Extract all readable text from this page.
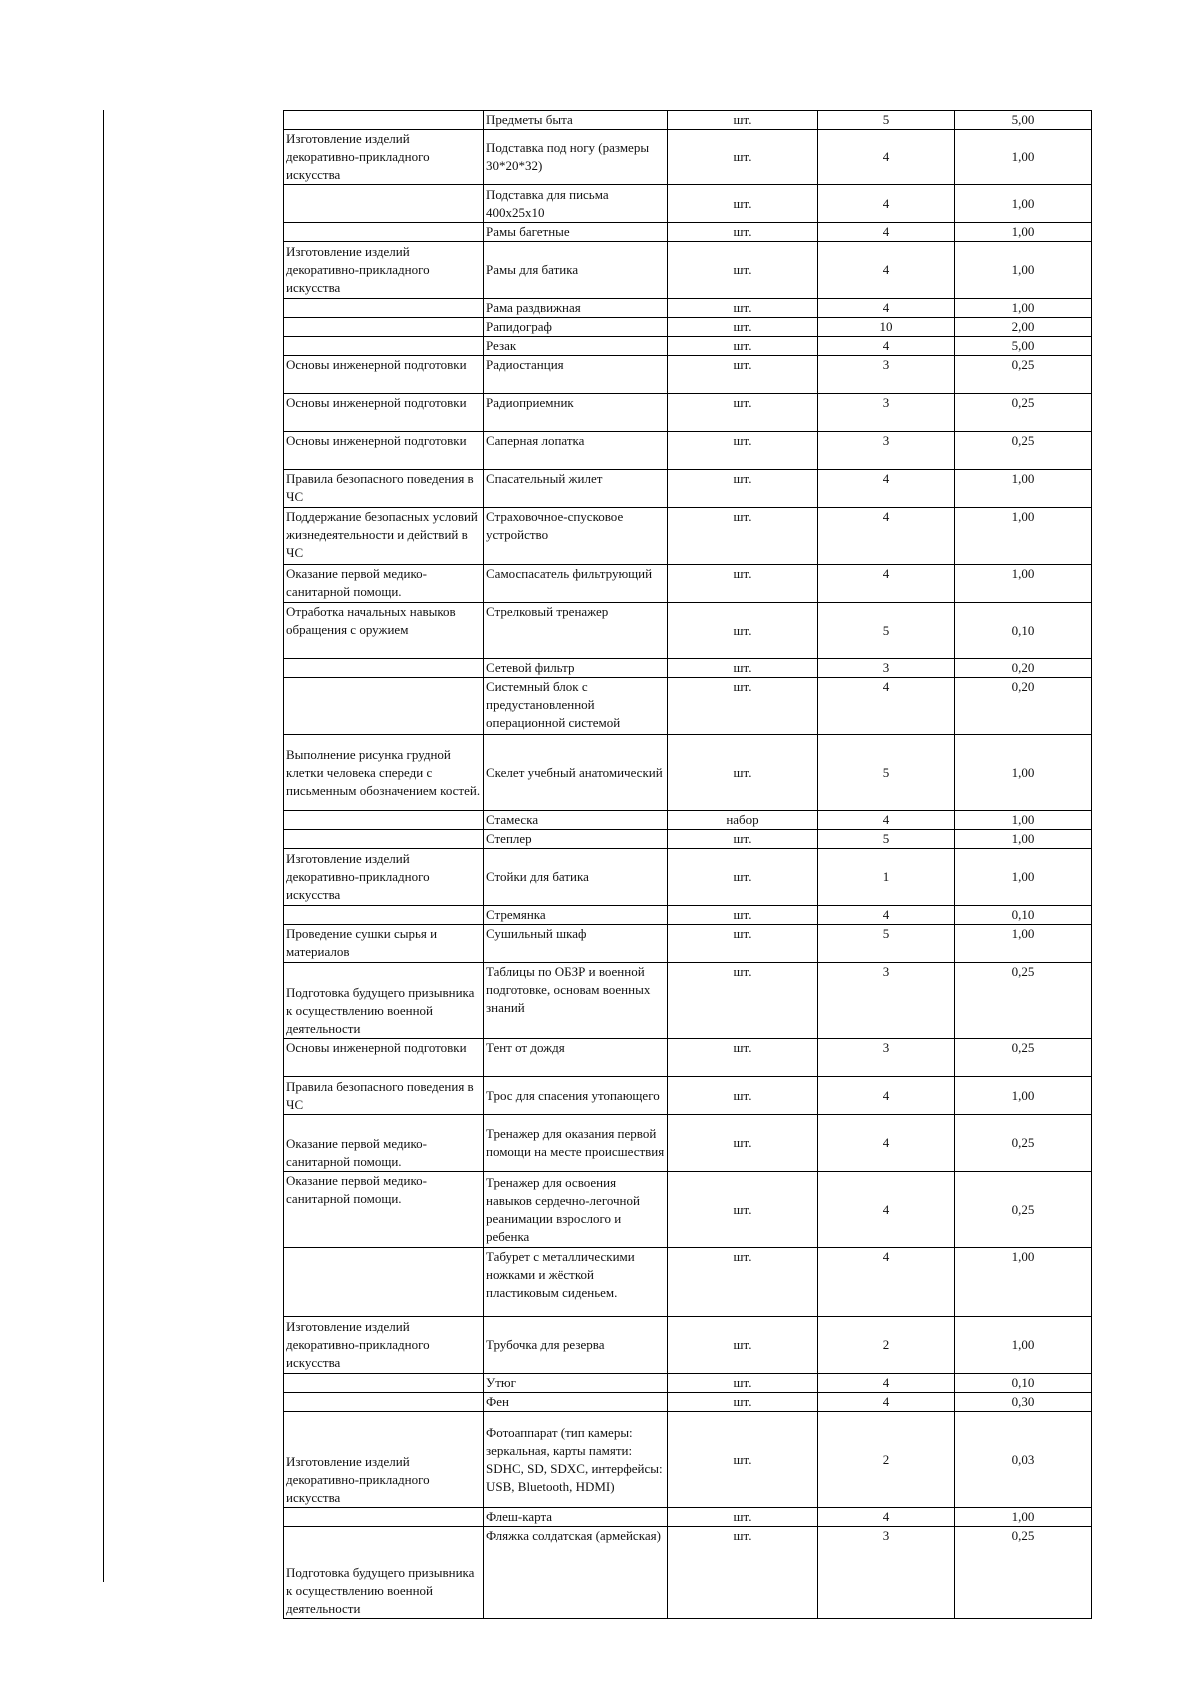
	Предметы быта	шт.	5	5,00
Изготовление изделий декоративно-прикладного искусства	Подставка под ногу (размеры 30*20*32)	шт.	4	1,00
	Подставка для письма 400х25х10	шт.	4	1,00
	Рамы багетные	шт.	4	1,00
Изготовление изделий декоративно-прикладного искусства	Рамы для батика	шт.	4	1,00
	Рама раздвижная	шт.	4	1,00
	Рапидограф	шт.	10	2,00
	Резак	шт.	4	5,00
Основы инженерной подготовки	Радиостанция	шт.	3	0,25
Основы инженерной подготовки	Радиоприемник	шт.	3	0,25
Основы инженерной подготовки	Саперная лопатка	шт.	3	0,25
Правила безопасного поведения в ЧС	Спасательный жилет	шт.	4	1,00
Поддержание безопасных условий жизнедеятельности и действий в ЧС	Страховочное-спусковое устройство	шт.	4	1,00
Оказание первой медико-санитарной помощи.	Самоспасатель фильтрующий	шт.	4	1,00
Отработка начальных навыков обращения с оружием	Стрелковый тренажер	шт.	5	0,10
	Сетевой фильтр	шт.	3	0,20
	Системный блок с предустановленной операционной системой	шт.	4	0,20
Выполнение рисунка грудной клетки человека спереди с письменным обозначением костей.	Скелет учебный анатомический	шт.	5	1,00
	Стамеска	набор	4	1,00
	Степлер	шт.	5	1,00
Изготовление изделий декоративно-прикладного искусства	Стойки для батика	шт.	1	1,00
	Стремянка	шт.	4	0,10
Проведение сушки сырья и материалов	Сушильный шкаф	шт.	5	1,00
Подготовка будущего призывника к осуществлению военной деятельности	Таблицы по ОБЗР и военной подготовке, основам военных знаний	шт.	3	0,25
Основы инженерной подготовки	Тент от дождя	шт.	3	0,25
Правила безопасного поведения в ЧС	Трос для спасения утопающего	шт.	4	1,00
Оказание первой медико-санитарной помощи.	Тренажер для оказания первой помощи на месте происшествия	шт.	4	0,25
Оказание первой медико-санитарной помощи.	Тренажер для освоения навыков сердечно-легочной реанимации взрослого и ребенка	шт.	4	0,25
	Табурет с металлическими ножками и жёсткой пластиковым сиденьем.	шт.	4	1,00
Изготовление изделий декоративно-прикладного искусства	Трубочка для резерва	шт.	2	1,00
	Утюг	шт.	4	0,10
	Фен	шт.	4	0,30
Изготовление изделий декоративно-прикладного искусства	Фотоаппарат (тип камеры: зеркальная, карты памяти: SDHC, SD, SDXC, интерфейсы: USB, Bluetooth, HDMI)	шт.	2	0,03
	Флеш-карта	шт.	4	1,00
Подготовка будущего призывника к осуществлению военной деятельности	Фляжка солдатская (армейская)	шт.	3	0,25
